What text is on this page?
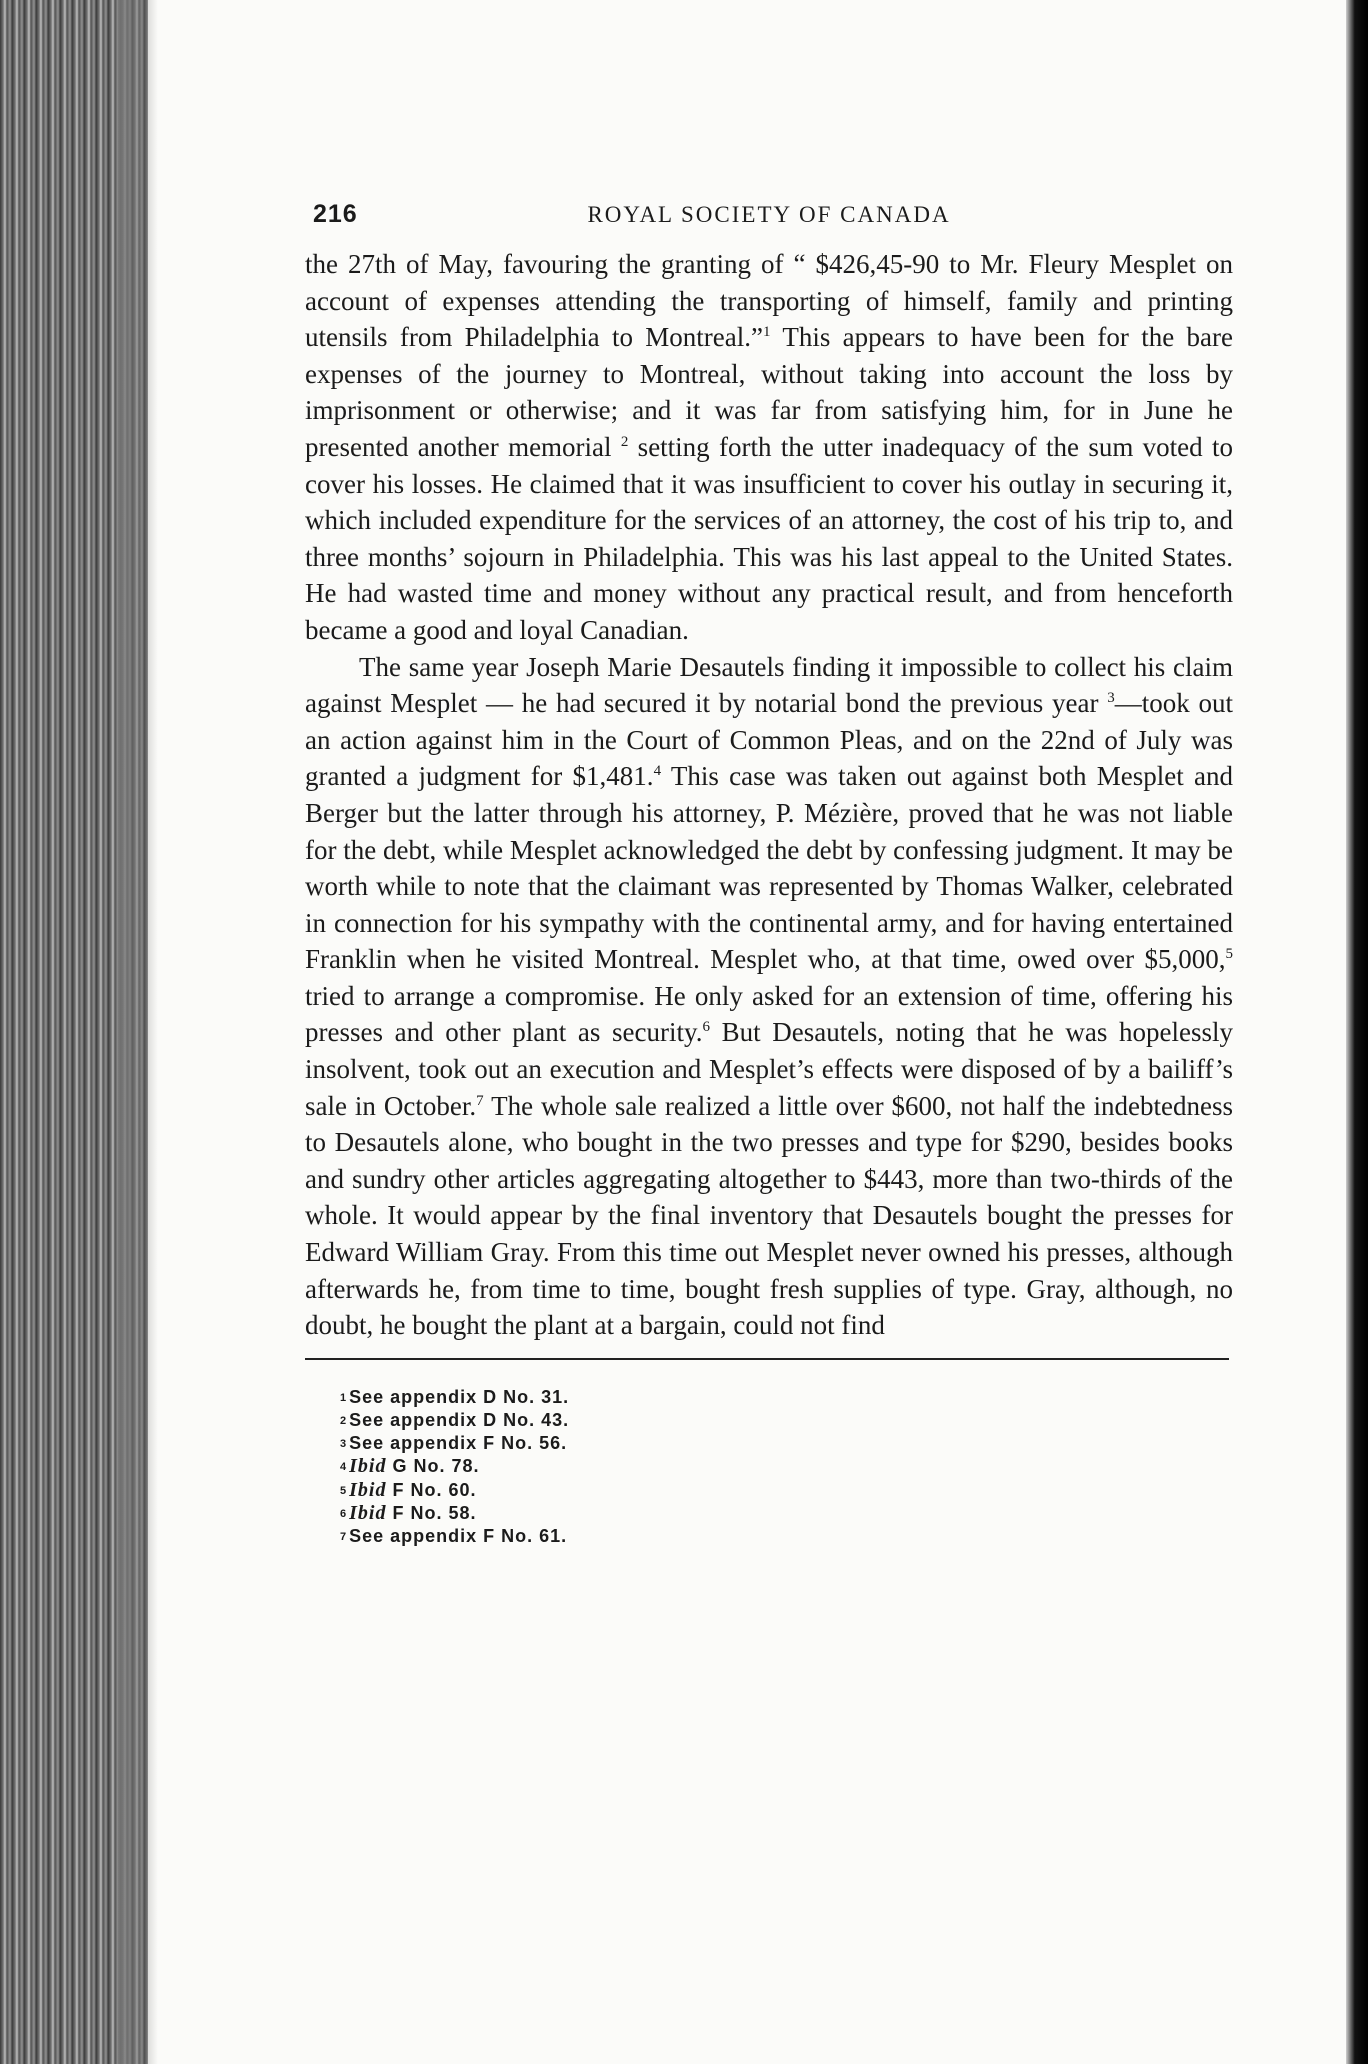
216	ROYAL SOCIETY OF CANADA

the 27th of May, favouring the granting of “ $426,45-90 to Mr. Fleury Mesplet on account of expenses attending the transporting of himself, family and printing utensils from Philadelphia to Montreal.”$^1$ This appears to have been for the bare expenses of the journey to Montreal, without taking into account the loss by imprisonment or otherwise; and it was far from satisfying him, for in June he presented another memorial $^2$ setting forth the utter inadequacy of the sum voted to cover his losses. He claimed that it was insufficient to cover his outlay in securing it, which included expenditure for the services of an attorney, the cost of his trip to, and three months’ sojourn in Philadelphia. This was his last appeal to the United States. He had wasted time and money without any practical result, and from henceforth became a good and loyal Canadian.

The same year Joseph Marie Desautels finding it impossible to collect his claim against Mesplet — he had secured it by notarial bond the previous year $^3$—took out an action against him in the Court of Common Pleas, and on the 22nd of July was granted a judgment for $1,481.$^4$ This case was taken out against both Mesplet and Berger but the latter through his attorney, P. Mézière, proved that he was not liable for the debt, while Mesplet acknowledged the debt by confessing judgment. It may be worth while to note that the claimant was represented by Thomas Walker, celebrated in connection for his sympathy with the continental army, and for having entertained Franklin when he visited Montreal. Mesplet who, at that time, owed over $5,000,$^5$ tried to arrange a compromise. He only asked for an extension of time, offering his presses and other plant as security.$^6$ But Desautels, noting that he was hopelessly insolvent, took out an execution and Mesplet’s effects were disposed of by a bailiff’s sale in October.$^7$ The whole sale realized a little over $600, not half the indebtedness to Desautels alone, who bought in the two presses and type for $290, besides books and sundry other articles aggregating altogether to $443, more than two-thirds of the whole. It would appear by the final inventory that Desautels bought the presses for Edward William Gray. From this time out Mesplet never owned his presses, although afterwards he, from time to time, bought fresh supplies of type. Gray, although, no doubt, he bought the plant at a bargain, could not find

$^1$ See appendix D No. 31.
$^2$ See appendix D No. 43.
$^3$ See appendix F No. 56.
$^4$ Ibid G No. 78.
$^5$ Ibid F No. 60.
$^6$ Ibid F No. 58.
$^7$ See appendix F No. 61.
